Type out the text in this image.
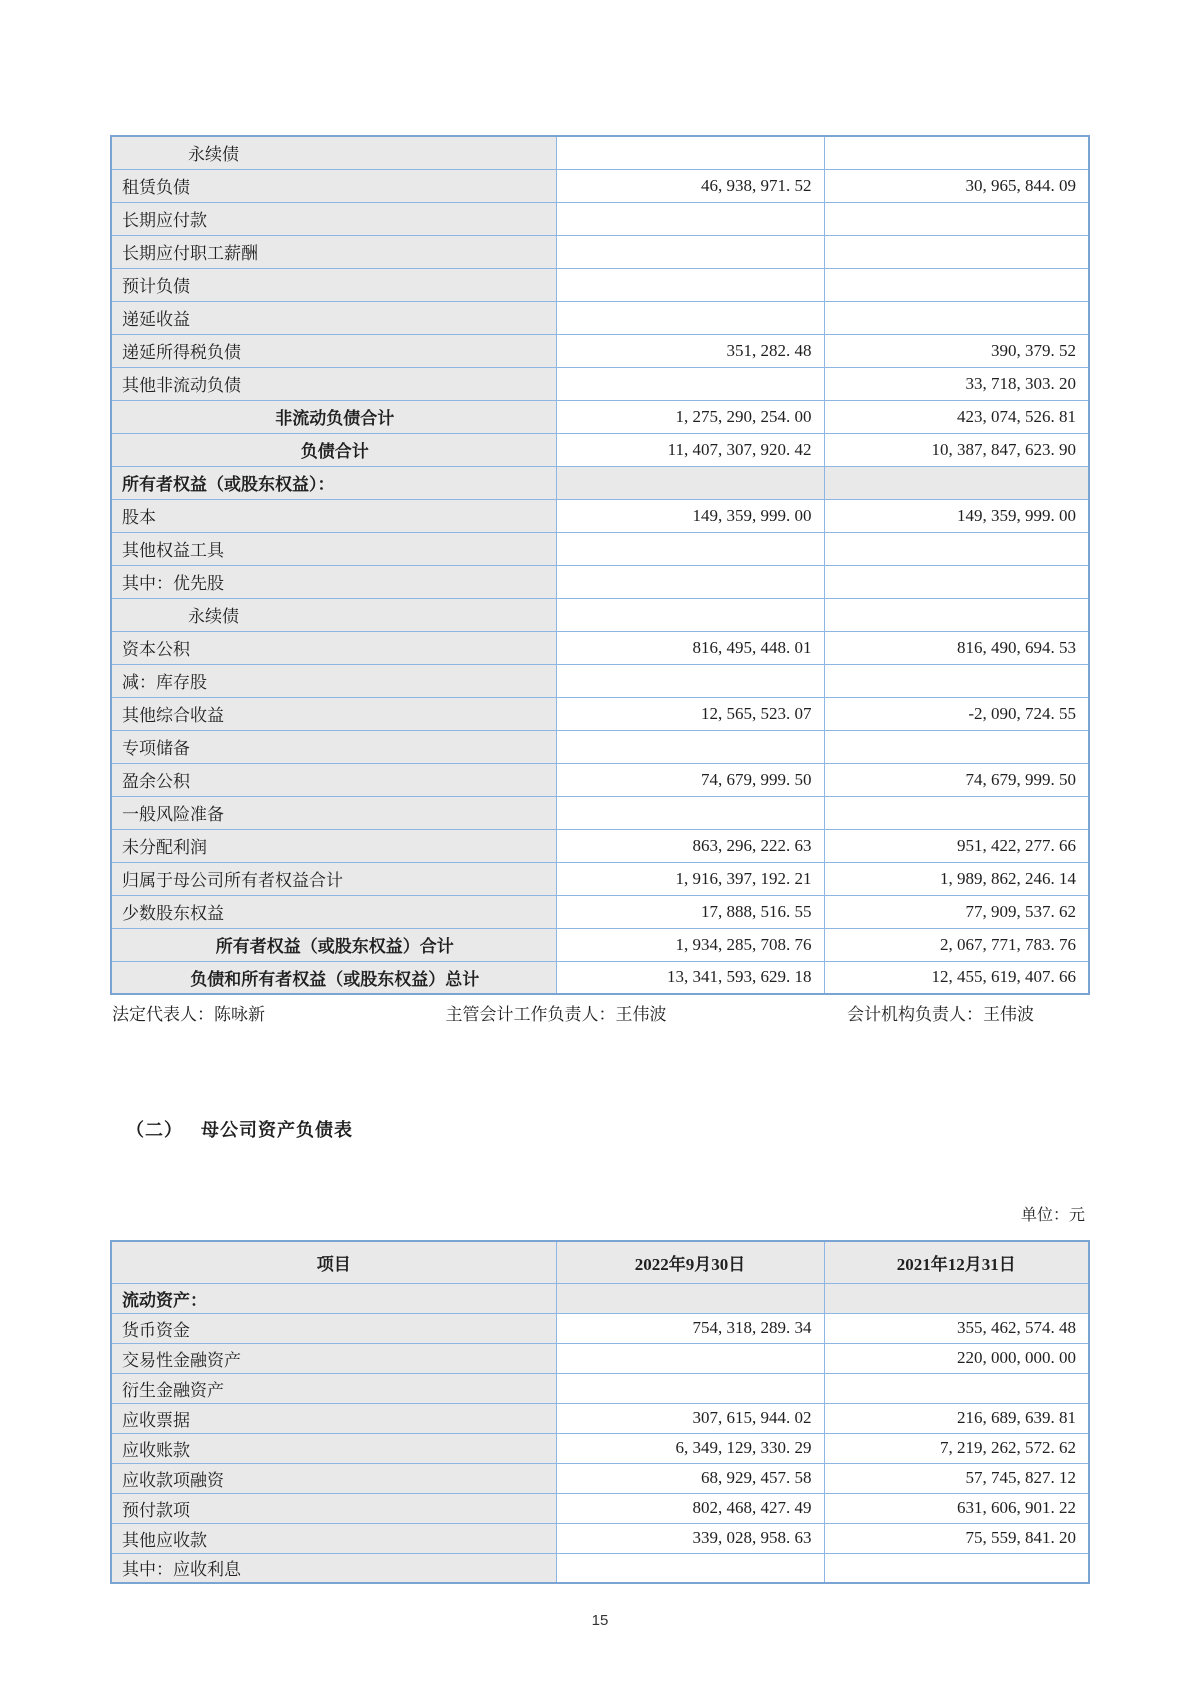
永续债		
租赁负债	46, 938, 971. 52	30, 965, 844. 09
长期应付款		
长期应付职工薪酬		
预计负债		
递延收益		
递延所得税负债	351, 282. 48	390, 379. 52
其他非流动负债		33, 718, 303. 20
非流动负债合计	1, 275, 290, 254. 00	423, 074, 526. 81
负债合计	11, 407, 307, 920. 42	10, 387, 847, 623. 90
所有者权益（或股东权益）：		
股本	149, 359, 999. 00	149, 359, 999. 00
其他权益工具		
其中：优先股		
永续债		
资本公积	816, 495, 448. 01	816, 490, 694. 53
减：库存股		
其他综合收益	12, 565, 523. 07	-2, 090, 724. 55
专项储备		
盈余公积	74, 679, 999. 50	74, 679, 999. 50
一般风险准备		
未分配利润	863, 296, 222. 63	951, 422, 277. 66
归属于母公司所有者权益合计	1, 916, 397, 192. 21	1, 989, 862, 246. 14
少数股东权益	17, 888, 516. 55	77, 909, 537. 62
所有者权益（或股东权益）合计	1, 934, 285, 708. 76	2, 067, 771, 783. 76
负债和所有者权益（或股东权益）总计	13, 341, 593, 629. 18	12, 455, 619, 407. 66
法定代表人：陈咏新	主管会计工作负责人：王伟波	会计机构负责人：王伟波
（二） 母公司资产负债表
单位：元
项目	2022年9月30日	2021年12月31日
流动资产：		
货币资金	754, 318, 289. 34	355, 462, 574. 48
交易性金融资产		220, 000, 000. 00
衍生金融资产		
应收票据	307, 615, 944. 02	216, 689, 639. 81
应收账款	6, 349, 129, 330. 29	7, 219, 262, 572. 62
应收款项融资	68, 929, 457. 58	57, 745, 827. 12
预付款项	802, 468, 427. 49	631, 606, 901. 22
其他应收款	339, 028, 958. 63	75, 559, 841. 20
其中：应收利息		
15
